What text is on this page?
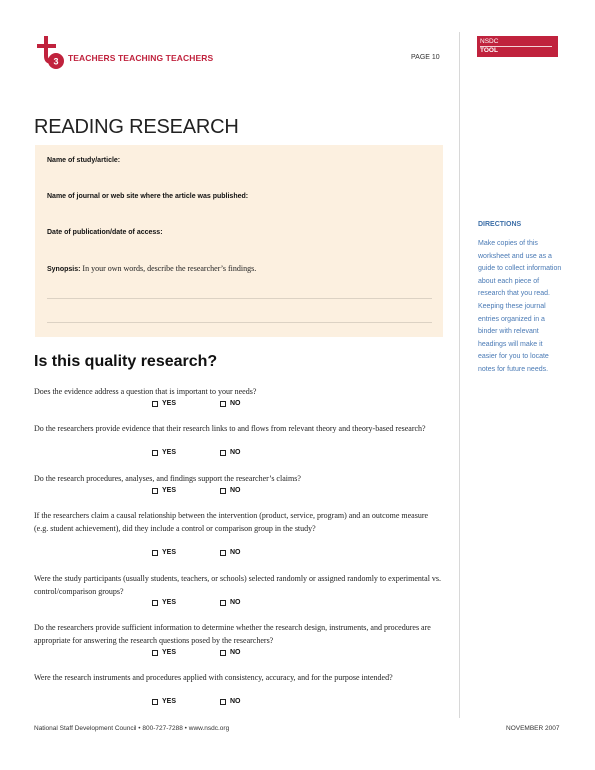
3 TEACHERS TEACHING TEACHERS	PAGE 10
NSDC
TOOL
READING RESEARCH
Name of study/article:
Name of journal or web site where the article was published:
Date of publication/date of access:
Synopsis: In your own words, describe the researcher’s findings.
DIRECTIONS
Make copies of this worksheet and use as a guide to collect information about each piece of research that you read. Keeping these journal entries organized in a binder with relevant headings will make it easier for you to locate notes for future needs.
Is this quality research?
Does the evidence address a question that is important to your needs?
YES	NO
Do the researchers provide evidence that their research links to and flows from relevant theory and theory-based research?
YES	NO
Do the research procedures, analyses, and findings support the researcher’s claims?
YES	NO
If the researchers claim a causal relationship between the intervention (product, service, program) and an outcome measure (e.g. student achievement), did they include a control or comparison group in the study?
YES	NO
Were the study participants (usually students, teachers, or schools) selected randomly or assigned randomly to experimental vs. control/comparison groups?
YES	NO
Do the researchers provide sufficient information to determine whether the research design, instruments, and procedures are appropriate for answering the research questions posed by the researchers?
YES	NO
Were the research instruments and procedures applied with consistency, accuracy, and for the purpose intended?
YES	NO
National Staff Development Council • 800-727-7288 • www.nsdc.org	NOVEMBER 2007
